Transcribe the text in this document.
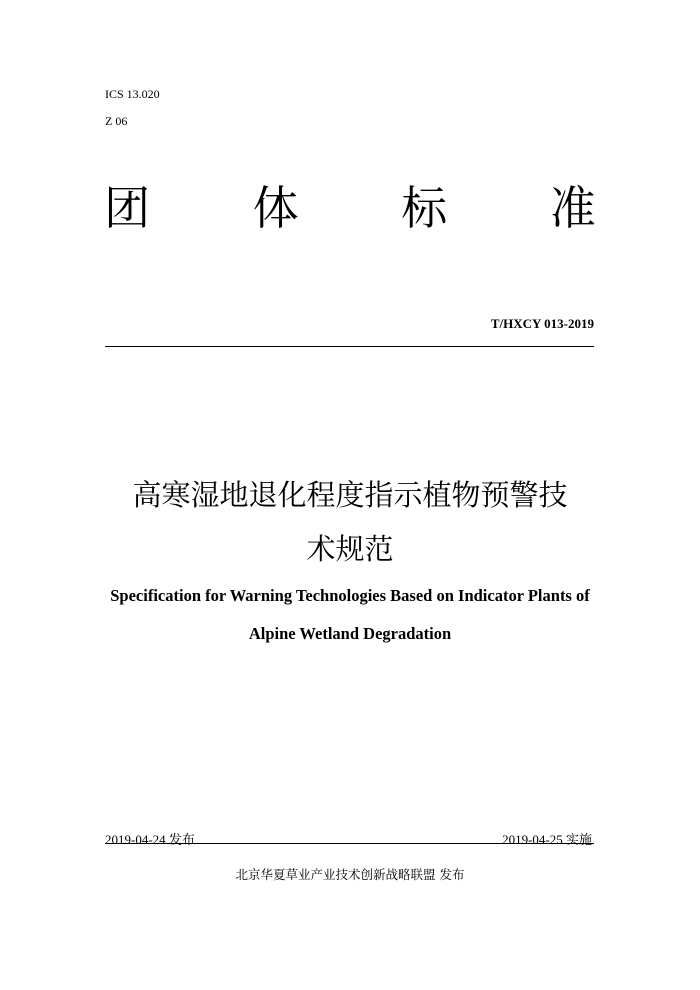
ICS 13.020
Z 06
团 体 标 准
T/HXCY 013-2019
高寒湿地退化程度指示植物预警技
术规范
Specification for Warning Technologies Based on Indicator Plants of
Alpine Wetland Degradation
2019-04-24 发布	2019-04-25 实施
北京华夏草业产业技术创新战略联盟 发布
